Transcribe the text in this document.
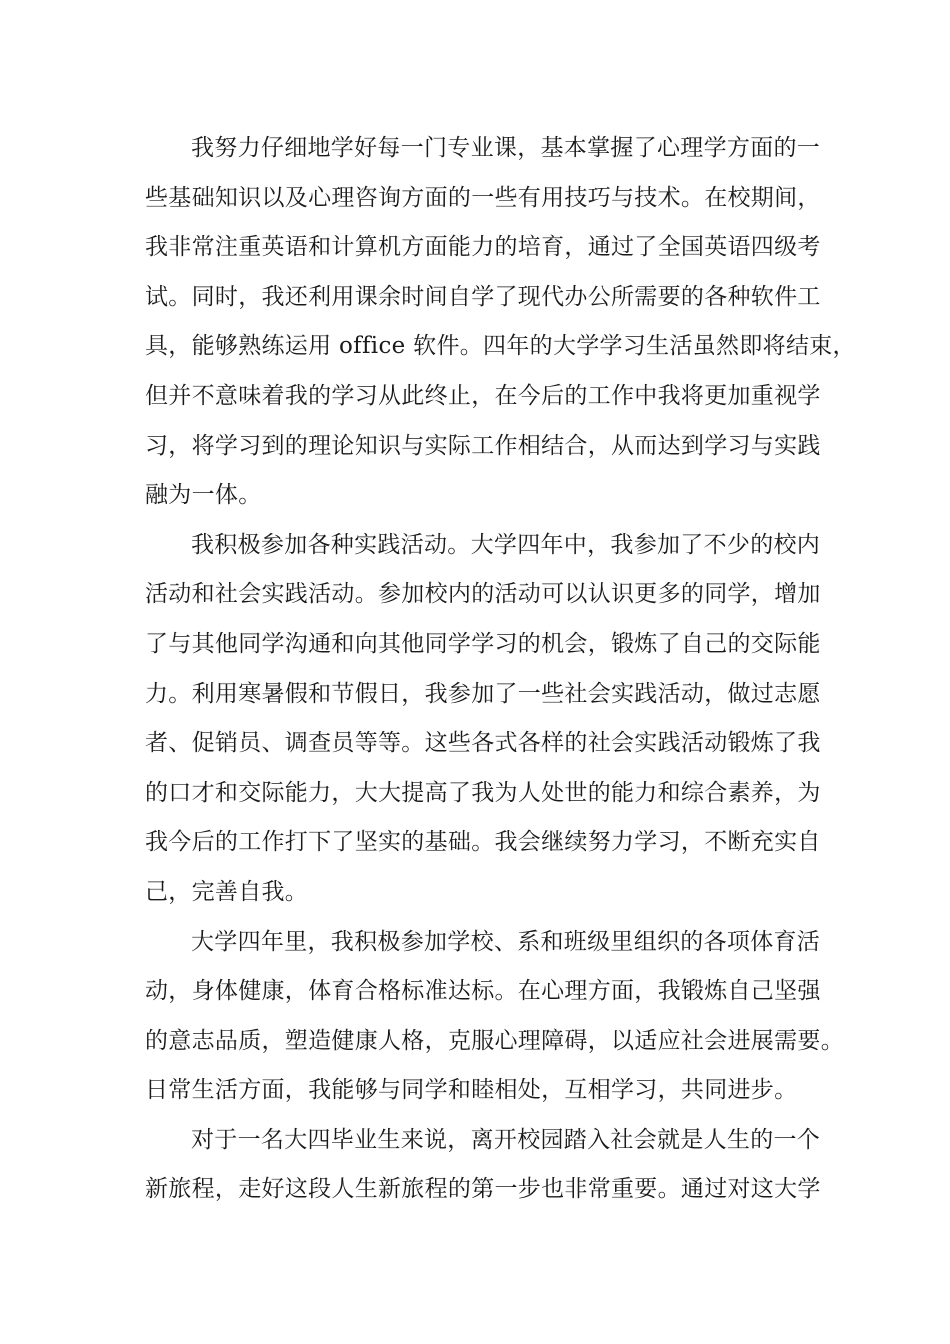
我努力仔细地学好每一门专业课，基本掌握了心理学方面的一
些基础知识以及心理咨询方面的一些有用技巧与技术。在校期间，
我非常注重英语和计算机方面能力的培育，通过了全国英语四级考
试。同时，我还利用课余时间自学了现代办公所需要的各种软件工
具，能够熟练运用 office 软件。四年的大学学习生活虽然即将结束，
但并不意味着我的学习从此终止，在今后的工作中我将更加重视学
习，将学习到的理论知识与实际工作相结合，从而达到学习与实践
融为一体。
我积极参加各种实践活动。大学四年中，我参加了不少的校内
活动和社会实践活动。参加校内的活动可以认识更多的同学，增加
了与其他同学沟通和向其他同学学习的机会，锻炼了自己的交际能
力。利用寒暑假和节假日，我参加了一些社会实践活动，做过志愿
者、促销员、调查员等等。这些各式各样的社会实践活动锻炼了我
的口才和交际能力，大大提高了我为人处世的能力和综合素养，为
我今后的工作打下了坚实的基础。我会继续努力学习，不断充实自
己，完善自我。
大学四年里，我积极参加学校、系和班级里组织的各项体育活
动，身体健康，体育合格标准达标。在心理方面，我锻炼自己坚强
的意志品质，塑造健康人格，克服心理障碍，以适应社会进展需要。
日常生活方面，我能够与同学和睦相处，互相学习，共同进步。
对于一名大四毕业生来说，离开校园踏入社会就是人生的一个
新旅程，走好这段人生新旅程的第一步也非常重要。通过对这大学
